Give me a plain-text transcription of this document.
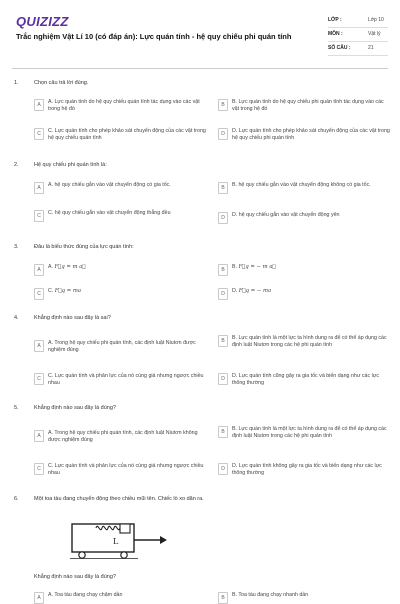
QUIZIZZ
Trắc nghiệm Vật Lí 10 (có đáp án): Lực quán tính - hệ quy chiếu phi quán tính
LỚP :	Lớp 10
MÔN :	Vật lý
SỐ CÂU :	21
1.	Chọn câu trả lời đúng.
A	A. Lực quán tính do hệ quy chiếu quán tính tác dụng vào các vật trong hệ đó
B	B. Lực quán tính do hệ quy chiếu phi quán tính tác dụng vào các vật trong hệ đó
C	C. Lực quán tính cho phép khảo sát chuyển động của các vật trong hệ quy chiếu quán tính
D	D. Lực quán tính cho phép khảo sát chuyển động của các vật trong hệ quy chiếu phi quán tính
2.	Hệ quy chiếu phi quán tính là:
A	A. hệ quy chiếu gắn vào vật chuyển động có gia tốc.	B	B. hệ quy chiếu gắn vào vật chuyển động không có gia tốc.
C	C. hệ quy chiếu gắn vào vật chuyển động thẳng đều
D	D. hệ quy chiếu gắn vào vật chuyển động yên
3.	Đâu là biểu thức đúng của lực quán tính:
A	A. F⃗q = m a⃗	B	B. F⃗q = − m a⃗
C	C. F⃗q = ma	D	D. F⃗q = − ma
4.	Khẳng định nào sau đây là sai?
A	A. Trong hệ quy chiếu phi quán tính, các định luật Niutơn được nghiệm đúng
B	B. Lực quán tính là một lực ta hình dung ra để có thể áp dụng các định luật Niutơn trong các hệ phi quán tính
C	C. Lực quán tính và phản lực của nó cùng giá nhưng ngược chiều nhau
D	D. Lực quán tính cũng gây ra gia tốc và biến dạng như các lực thông thường
5.	Khẳng định nào sau đây là đúng?
A	A. Trong hệ quy chiếu phi quán tính, các định luật Niutơn không được nghiệm đúng
B	B. Lực quán tính là một lực ta hình dung ra để có thể áp dụng các định luật Niutơn trong các hệ phi quán tính
C	C. Lực quán tính và phản lực của nó cùng giá nhưng ngược chiều nhau
D	D. Lực quán tính không gây ra gia tốc và biến dạng như các lực thông thường
6.	Một toa tàu đang chuyển động theo chiều mũi tên. Chiếc lò xo dãn ra.
L
Khẳng định nào sau đây là đúng?
A	A. Toa tàu đang chạy chậm dần	B	B. Toa tàu đang chạy nhanh dần
